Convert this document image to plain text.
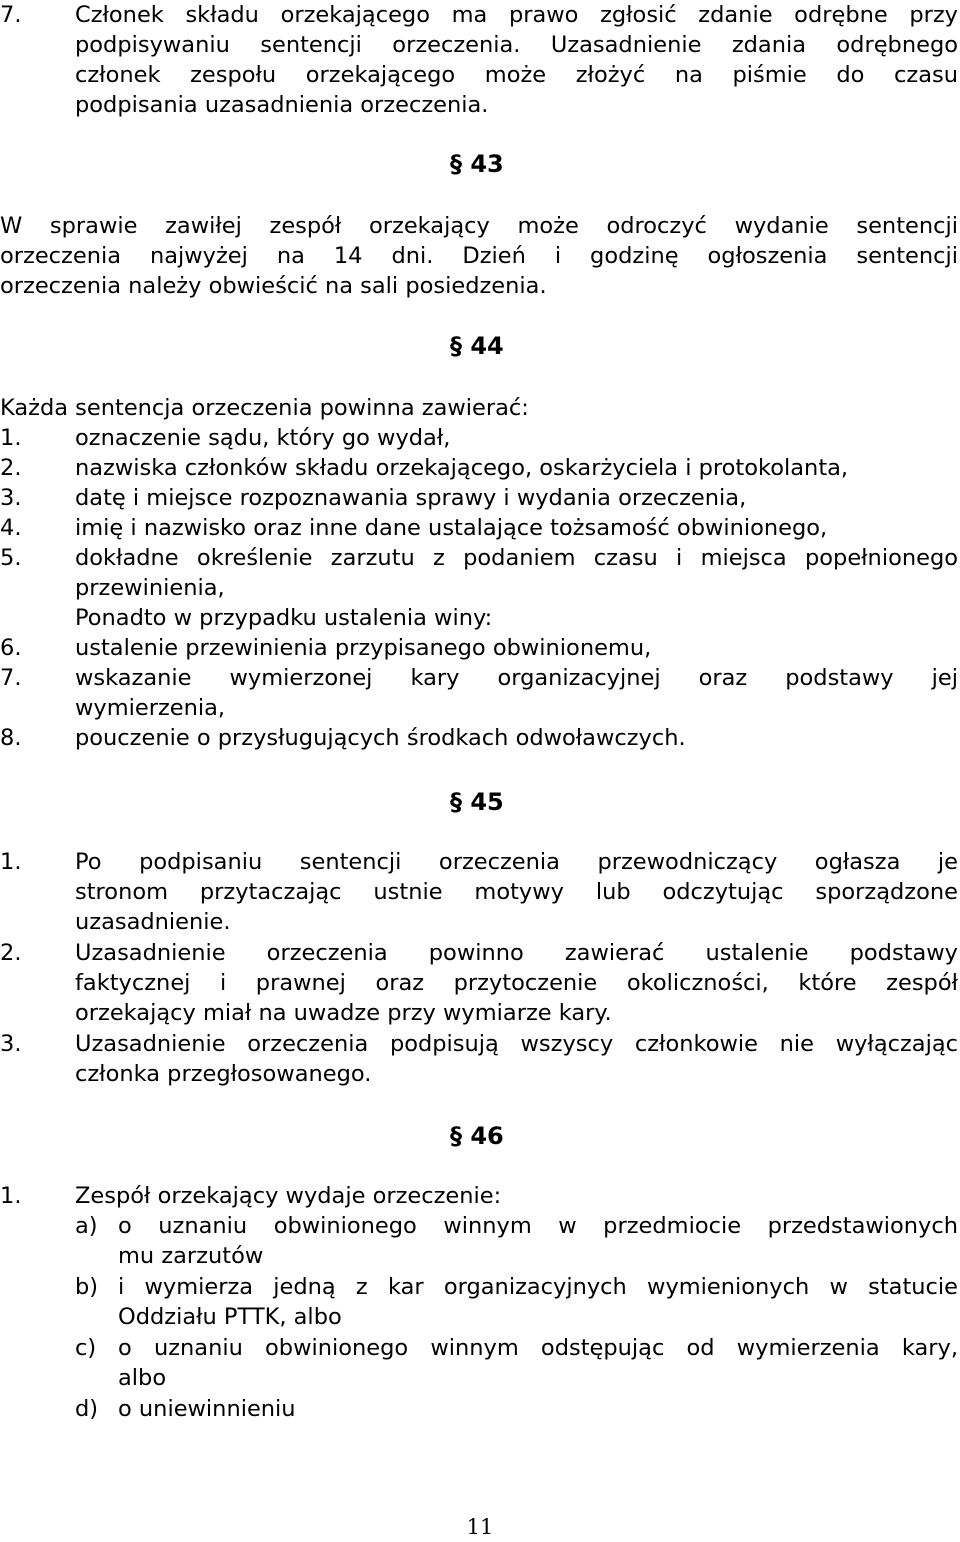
7.	Członek składu orzekającego ma prawo zgłosić zdanie odrębne przy
podpisywaniu sentencji orzeczenia. Uzasadnienie zdania odrębnego
członek zespołu orzekającego może złożyć na piśmie do czasu
podpisania uzasadnienia orzeczenia.
§ 43
W sprawie zawiłej zespół orzekający może odroczyć wydanie sentencji
orzeczenia najwyżej na 14 dni. Dzień i godzinę ogłoszenia sentencji
orzeczenia należy obwieścić na sali posiedzenia.
§ 44
Każda sentencja orzeczenia powinna zawierać:
1.	oznaczenie sądu, który go wydał,
2.	nazwiska członków składu orzekającego, oskarżyciela i protokolanta,
3.	datę i miejsce rozpoznawania sprawy i wydania orzeczenia,
4.	imię i nazwisko oraz inne dane ustalające tożsamość obwinionego,
5.	dokładne określenie zarzutu z podaniem czasu i miejsca popełnionego
przewinienia,
Ponadto w przypadku ustalenia winy:
6.	ustalenie przewinienia przypisanego obwinionemu,
7.	wskazanie wymierzonej kary organizacyjnej oraz podstawy jej
wymierzenia,
8.	pouczenie o przysługujących środkach odwoławczych.
§ 45
1.	Po podpisaniu sentencji orzeczenia przewodniczący ogłasza je
stronom przytaczając ustnie motywy lub odczytując sporządzone
uzasadnienie.
2.	Uzasadnienie orzeczenia powinno zawierać ustalenie podstawy
faktycznej i prawnej oraz przytoczenie okoliczności, które zespół
orzekający miał na uwadze przy wymiarze kary.
3.	Uzasadnienie orzeczenia podpisują wszyscy członkowie nie wyłączając
członka przegłosowanego.
§ 46
1.	Zespół orzekający wydaje orzeczenie:
a) o uznaniu obwinionego winnym w przedmiocie przedstawionych
mu zarzutów
b) i wymierza jedną z kar organizacyjnych wymienionych w statucie
Oddziału PTTK, albo
c) o uznaniu obwinionego winnym odstępując od wymierzenia kary,
albo
d) o uniewinnieniu
11
